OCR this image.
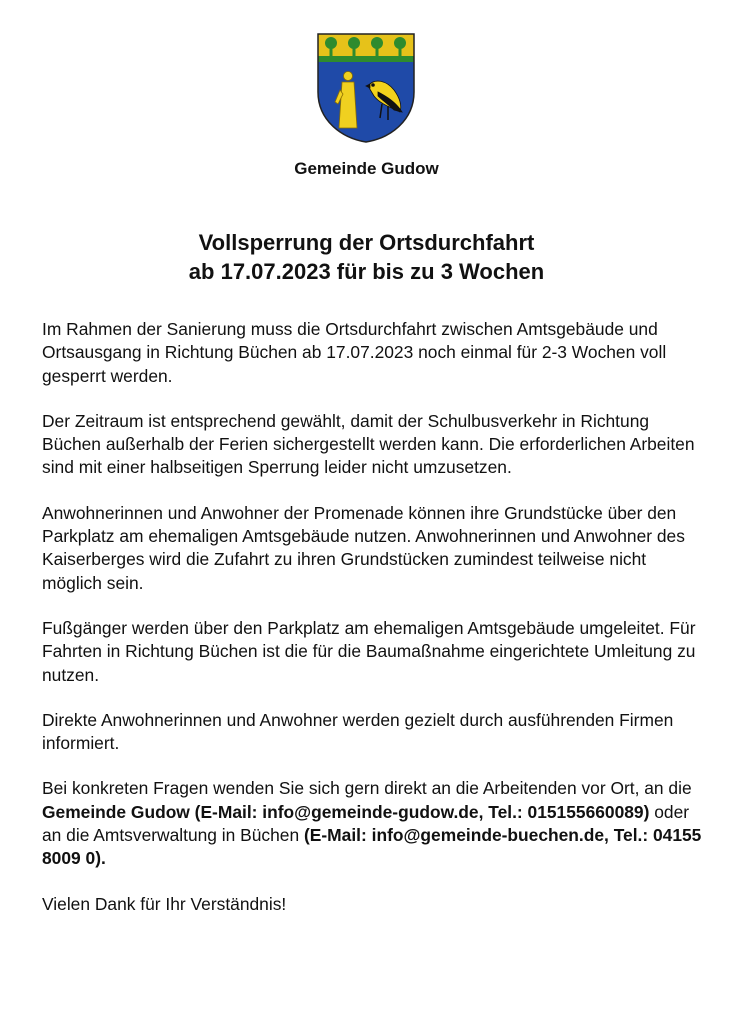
Gemeinde Gudow
Vollsperrung der Ortsdurchfahrt
ab 17.07.2023 für bis zu 3 Wochen

Im Rahmen der Sanierung muss die Ortsdurchfahrt zwischen Amtsgebäude und Ortsausgang in Richtung Büchen ab 17.07.2023 noch einmal für 2-3 Wochen voll gesperrt werden.

Der Zeitraum ist entsprechend gewählt, damit der Schulbusverkehr in Richtung Büchen außerhalb der Ferien sichergestellt werden kann. Die erforderlichen Arbeiten sind mit einer halbseitigen Sperrung leider nicht umzusetzen.

Anwohnerinnen und Anwohner der Promenade können ihre Grundstücke über den Parkplatz am ehemaligen Amtsgebäude nutzen. Anwohnerinnen und Anwohner des Kaiserberges wird die Zufahrt zu ihren Grundstücken zumindest teilweise nicht möglich sein.

Fußgänger werden über den Parkplatz am ehemaligen Amtsgebäude umgeleitet. Für Fahrten in Richtung Büchen ist die für die Baumaßnahme eingerichtete Umleitung zu nutzen.

Direkte Anwohnerinnen und Anwohner werden gezielt durch ausführenden Firmen informiert.

Bei konkreten Fragen wenden Sie sich gern direkt an die Arbeitenden vor Ort, an die Gemeinde Gudow (E-Mail: info@gemeinde-gudow.de, Tel.: 015155660089) oder an die Amtsverwaltung in Büchen (E-Mail: info@gemeinde-buechen.de, Tel.: 04155 8009 0).

Vielen Dank für Ihr Verständnis!
